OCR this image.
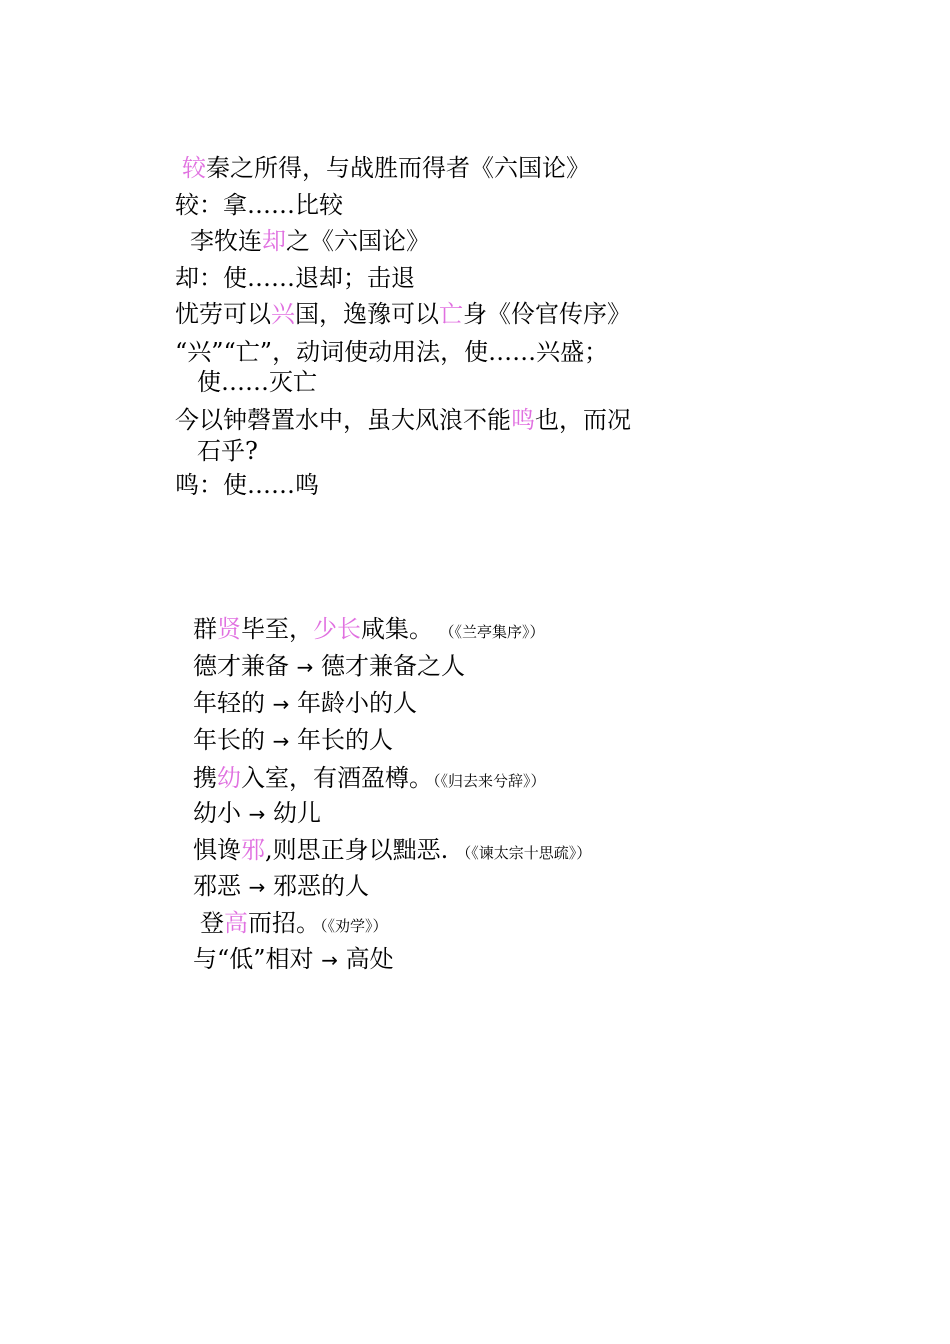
较秦之所得，与战胜而得者《六国论》
较：拿……比较
李牧连却之《六国论》
却：使……退却；击退
忧劳可以兴国，逸豫可以亡身《伶官传序》
“兴”“亡”，动词使动用法，使……兴盛；
使……灭亡
今以钟磬置水中，虽大风浪不能鸣也，而况
石乎?
鸣：使……鸣
群贤毕至，少长咸集。 （《兰亭集序》）
德才兼备 → 德才兼备之人
年轻的 → 年龄小的人
年长的 → 年长的人
携幼入室，有酒盈樽。（《归去来兮辞》）
幼小 → 幼儿
惧谗邪,则思正身以黜恶. （《谏太宗十思疏》）
邪恶 → 邪恶的人
登高而招。（《劝学》）
与“低”相对 → 高处
